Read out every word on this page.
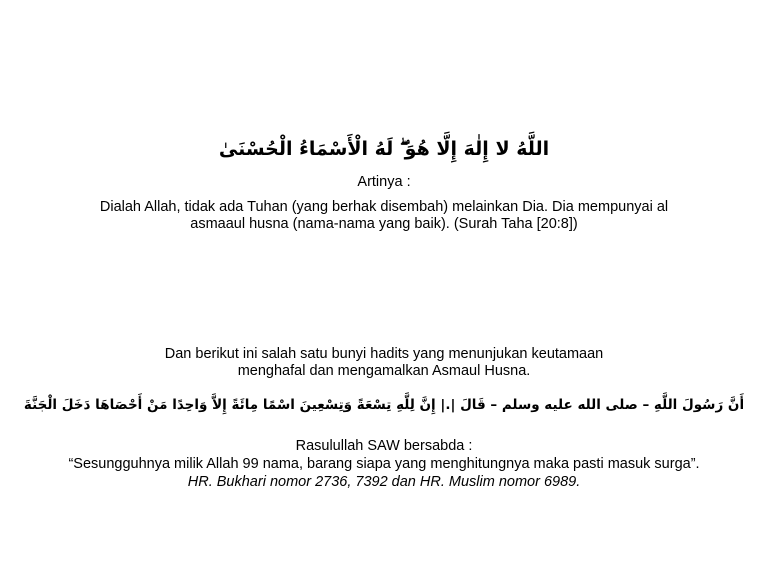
اللَّهُ لا إِلٰهَ إِلَّا هُوَ ۖ لَهُ الْأَسْمَاءُ الْحُسْنَىٰ
Artinya :
Dialah Allah, tidak ada Tuhan (yang berhak disembah) melainkan Dia. Dia mempunyai al
asmaaul husna (nama-nama yang baik). (Surah Taha [20:8])
Dan berikut ini salah satu bunyi hadits yang menunjukan keutamaan
menghafal dan mengamalkan Asmaul Husna.
أَنَّ رَسُولَ اللَّهِ – صلى الله عليه وسلم – قَالَ |.| إِنَّ لِلَّهِ تِسْعَةً وَتِسْعِينَ اسْمًا مِائَةً إِلاَّ وَاحِدًا مَنْ أَحْصَاهَا دَخَلَ الْجَنَّةَ
Rasulullah SAW bersabda :
“Sesungguhnya milik Allah 99 nama, barang siapa yang menghitungnya maka pasti masuk surga”.
HR. Bukhari nomor 2736, 7392 dan HR. Muslim nomor 6989.
